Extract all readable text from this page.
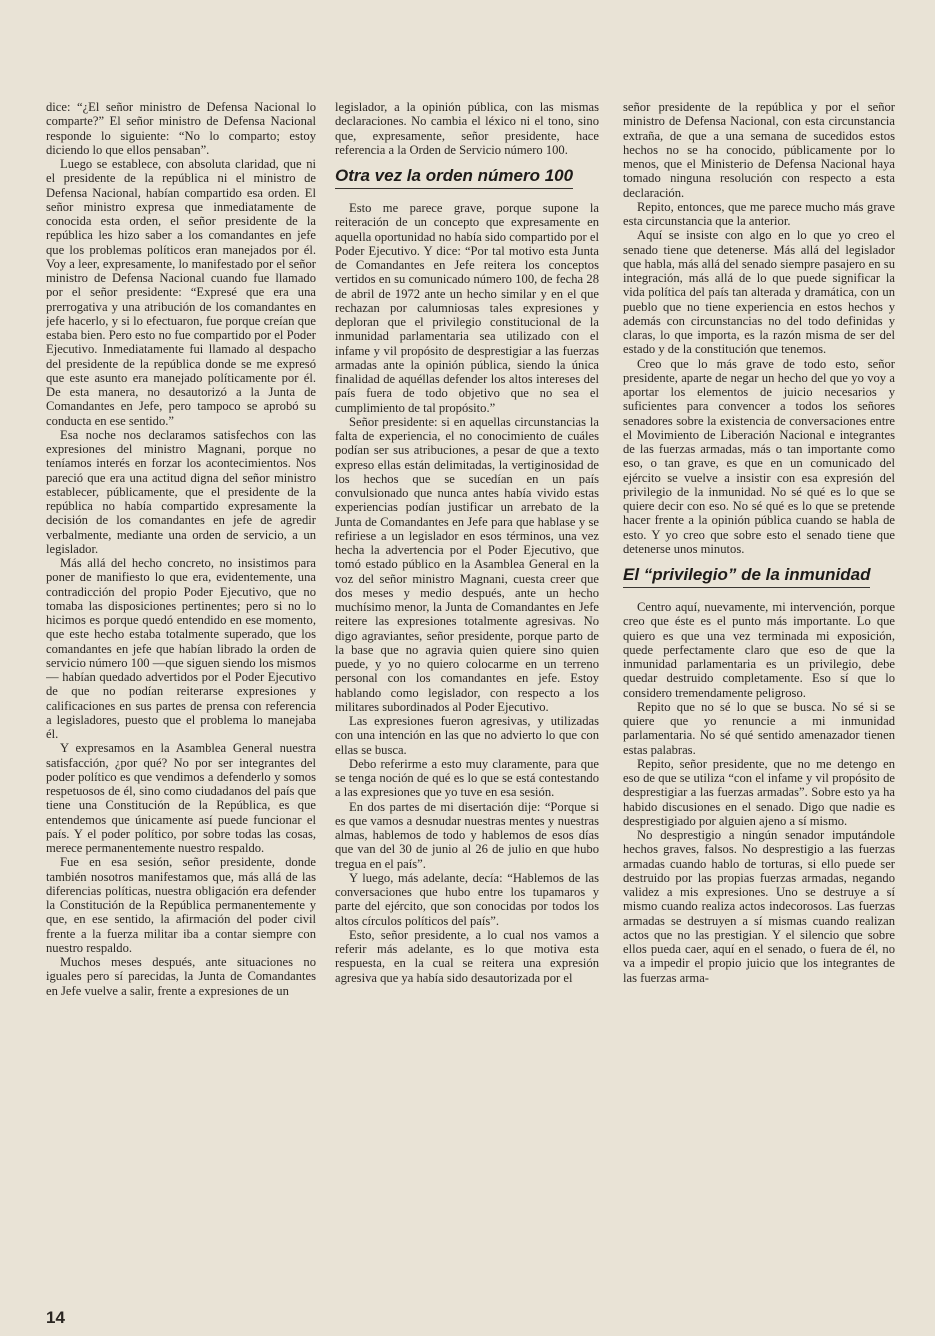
dice: “¿El señor ministro de Defensa Nacional lo comparte?” El señor ministro de Defensa Nacional responde lo siguiente: “No lo comparto; estoy diciendo lo que ellos pensaban”.

Luego se establece, con absoluta claridad, que ni el presidente de la república ni el ministro de Defensa Nacional, habían compartido esa orden. El señor ministro expresa que inmediatamente de conocida esta orden, el señor presidente de la república les hizo saber a los comandantes en jefe que los problemas políticos eran manejados por él. Voy a leer, expresamente, lo manifestado por el señor ministro de Defensa Nacional cuando fue llamado por el señor presidente: “Expresé que era una prerrogativa y una atribución de los comandantes en jefe hacerlo, y si lo efectuaron, fue porque creían que estaba bien. Pero esto no fue compartido por el Poder Ejecutivo. Inmediatamente fui llamado al despacho del presidente de la república donde se me expresó que este asunto era manejado políticamente por él. De esta manera, no desautorizó a la Junta de Comandantes en Jefe, pero tampoco se aprobó su conducta en ese sentido.”

Esa noche nos declaramos satisfechos con las expresiones del ministro Magnani, porque no teníamos interés en forzar los acontecimientos. Nos pareció que era una actitud digna del señor ministro establecer, públicamente, que el presidente de la república no había compartido expresamente la decisión de los comandantes en jefe de agredir verbalmente, mediante una orden de servicio, a un legislador.

Más allá del hecho concreto, no insistimos para poner de manifiesto lo que era, evidentemente, una contradicción del propio Poder Ejecutivo, que no tomaba las disposiciones pertinentes; pero si no lo hicimos es porque quedó entendido en ese momento, que este hecho estaba totalmente superado, que los comandantes en jefe que habían librado la orden de servicio número 100 —que siguen siendo los mismos— habían quedado advertidos por el Poder Ejecutivo de que no podían reiterarse expresiones y calificaciones en sus partes de prensa con referencia a legisladores, puesto que el problema lo manejaba él.

Y expresamos en la Asamblea General nuestra satisfacción, ¿por qué? No por ser integrantes del poder político es que vendimos a defenderlo y somos respetuosos de él, sino como ciudadanos del país que tiene una Constitución de la República, es que entendemos que únicamente así puede funcionar el país. Y el poder político, por sobre todas las cosas, merece permanentemente nuestro respaldo.

Fue en esa sesión, señor presidente, donde también nosotros manifestamos que, más allá de las diferencias políticas, nuestra obligación era defender la Constitución de la República permanentemente y que, en ese sentido, la afirmación del poder civil frente a la fuerza militar iba a contar siempre con nuestro respaldo.

Muchos meses después, ante situaciones no iguales pero sí parecidas, la Junta de Comandantes en Jefe vuelve a salir, frente a expresiones de un

legislador, a la opinión pública, con las mismas declaraciones. No cambia el léxico ni el tono, sino que, expresamente, señor presidente, hace referencia a la Orden de Servicio número 100.

Otra vez la orden número 100

Esto me parece grave, porque supone la reiteración de un concepto que expresamente en aquella oportunidad no había sido compartido por el Poder Ejecutivo. Y dice: “Por tal motivo esta Junta de Comandantes en Jefe reitera los conceptos vertidos en su comunicado número 100, de fecha 28 de abril de 1972 ante un hecho similar y en el que rechazan por calumniosas tales expresiones y deploran que el privilegio constitucional de la inmunidad parlamentaria sea utilizado con el infame y vil propósito de desprestigiar a las fuerzas armadas ante la opinión pública, siendo la única finalidad de aquéllas defender los altos intereses del país fuera de todo objetivo que no sea el cumplimiento de tal propósito.”

Señor presidente: si en aquellas circunstancias la falta de experiencia, el no conocimiento de cuáles podían ser sus atribuciones, a pesar de que a texto expreso ellas están delimitadas, la vertiginosidad de los hechos que se sucedían en un país convulsionado que nunca antes había vivido estas experiencias podían justificar un arrebato de la Junta de Comandantes en Jefe para que hablase y se refiriese a un legislador en esos términos, una vez hecha la advertencia por el Poder Ejecutivo, que tomó estado público en la Asamblea General en la voz del señor ministro Magnani, cuesta creer que dos meses y medio después, ante un hecho muchísimo menor, la Junta de Comandantes en Jefe reitere las expresiones totalmente agresivas. No digo agraviantes, señor presidente, porque parto de la base que no agravia quien quiere sino quien puede, y yo no quiero colocarme en un terreno personal con los comandantes en jefe. Estoy hablando como legislador, con respecto a los militares subordinados al Poder Ejecutivo.

Las expresiones fueron agresivas, y utilizadas con una intención en las que no advierto lo que con ellas se busca.

Debo referirme a esto muy claramente, para que se tenga noción de qué es lo que se está contestando a las expresiones que yo tuve en esa sesión.

En dos partes de mi disertación dije: “Porque si es que vamos a desnudar nuestras mentes y nuestras almas, hablemos de todo y hablemos de esos días que van del 30 de junio al 26 de julio en que hubo tregua en el país”.

Y luego, más adelante, decía: “Hablemos de las conversaciones que hubo entre los tupamaros y parte del ejército, que son conocidas por todos los altos círculos políticos del país”.

Esto, señor presidente, a lo cual nos vamos a referir más adelante, es lo que motiva esta respuesta, en la cual se reitera una expresión agresiva que ya había sido desautorizada por el

señor presidente de la república y por el señor ministro de Defensa Nacional, con esta circunstancia extraña, de que a una semana de sucedidos estos hechos no se ha conocido, públicamente por lo menos, que el Ministerio de Defensa Nacional haya tomado ninguna resolución con respecto a esta declaración.

Repito, entonces, que me parece mucho más grave esta circunstancia que la anterior.

Aquí se insiste con algo en lo que yo creo el senado tiene que detenerse. Más allá del legislador que habla, más allá del senado siempre pasajero en su integración, más allá de lo que puede significar la vida política del país tan alterada y dramática, con un pueblo que no tiene experiencia en estos hechos y además con circunstancias no del todo definidas y claras, lo que importa, es la razón misma de ser del estado y de la constitución que tenemos.

Creo que lo más grave de todo esto, señor presidente, aparte de negar un hecho del que yo voy a aportar los elementos de juicio necesarios y suficientes para convencer a todos los señores senadores sobre la existencia de conversaciones entre el Movimiento de Liberación Nacional e integrantes de las fuerzas armadas, más o tan importante como eso, o tan grave, es que en un comunicado del ejército se vuelve a insistir con esa expresión del privilegio de la inmunidad. No sé qué es lo que se quiere decir con eso. No sé qué es lo que se pretende hacer frente a la opinión pública cuando se habla de esto. Y yo creo que sobre esto el senado tiene que detenerse unos minutos.

El “privilegio” de la inmunidad

Centro aquí, nuevamente, mi intervención, porque creo que éste es el punto más importante. Lo que quiero es que una vez terminada mi exposición, quede perfectamente claro que eso de que la inmunidad parlamentaria es un privilegio, debe quedar destruido completamente. Eso sí que lo considero tremendamente peligroso.

Repito que no sé lo que se busca. No sé si se quiere que yo renuncie a mi inmunidad parlamentaria. No sé qué sentido amenazador tienen estas palabras.

Repito, señor presidente, que no me detengo en eso de que se utiliza “con el infame y vil propósito de desprestigiar a las fuerzas armadas”. Sobre esto ya ha habido discusiones en el senado. Digo que nadie es desprestigiado por alguien ajeno a sí mismo.

No desprestigio a ningún senador imputándole hechos graves, falsos. No desprestigio a las fuerzas armadas cuando hablo de torturas, si ello puede ser destruido por las propias fuerzas armadas, negando validez a mis expresiones. Uno se destruye a sí mismo cuando realiza actos indecorosos. Las fuerzas armadas se destruyen a sí mismas cuando realizan actos que no las prestigian. Y el silencio que sobre ellos pueda caer, aquí en el senado, o fuera de él, no va a impedir el propio juicio que los integrantes de las fuerzas arma-

14
